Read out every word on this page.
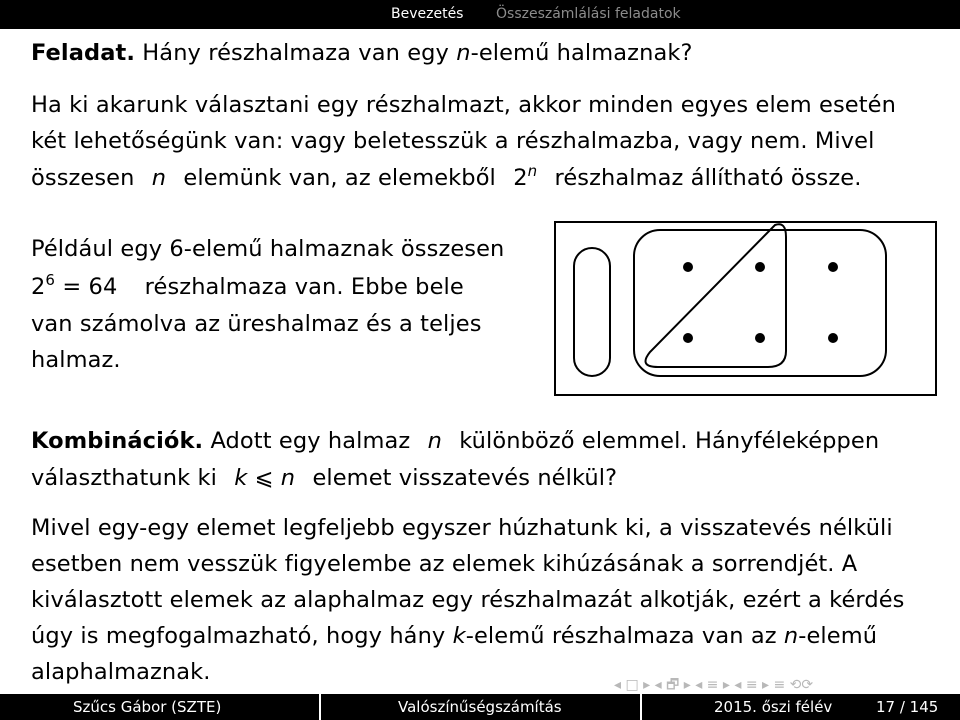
Bevezetés Összeszámlálási feladatok
Feladat. Hány részhalmaza van egy n-elemű halmaznak?
Ha ki akarunk választani egy részhalmazt, akkor minden egyes elem esetén
két lehetőségünk van: vagy beletesszük a részhalmazba, vagy nem. Mivel
összesen n elemünk van, az elemekből 2$^n$ részhalmaz állítható össze.
Például egy 6-elemű halmaznak összesen
$2^6 = 64$ részhalmaza van. Ebbe bele
van számolva az üreshalmaz és a teljes
halmaz.
Kombinációk. Adott egy halmaz n különböző elemmel. Hányféleképpen
választhatunk ki k ⩽ n elemet visszatevés nélkül?
Mivel egy-egy elemet legfeljebb egyszer húzhatunk ki, a visszatevés nélküli
esetben nem vesszük figyelembe az elemek kihúzásának a sorrendjét. A
kiválasztott elemek az alaphalmaz egy részhalmazát alkotják, ezért a kérdés
úgy is megfogalmazható, hogy hány k-elemű részhalmaza van az n-elemű
alaphalmaznak.	◂ □ ▸ ◂ 🗗 ▸ ◂ ≡ ▸ ◂ ≡ ▸ ≡ ⟲⟳
Szűcs Gábor (SZTE)	Valószínűségszámítás	2015. őszi félév	17 / 145
